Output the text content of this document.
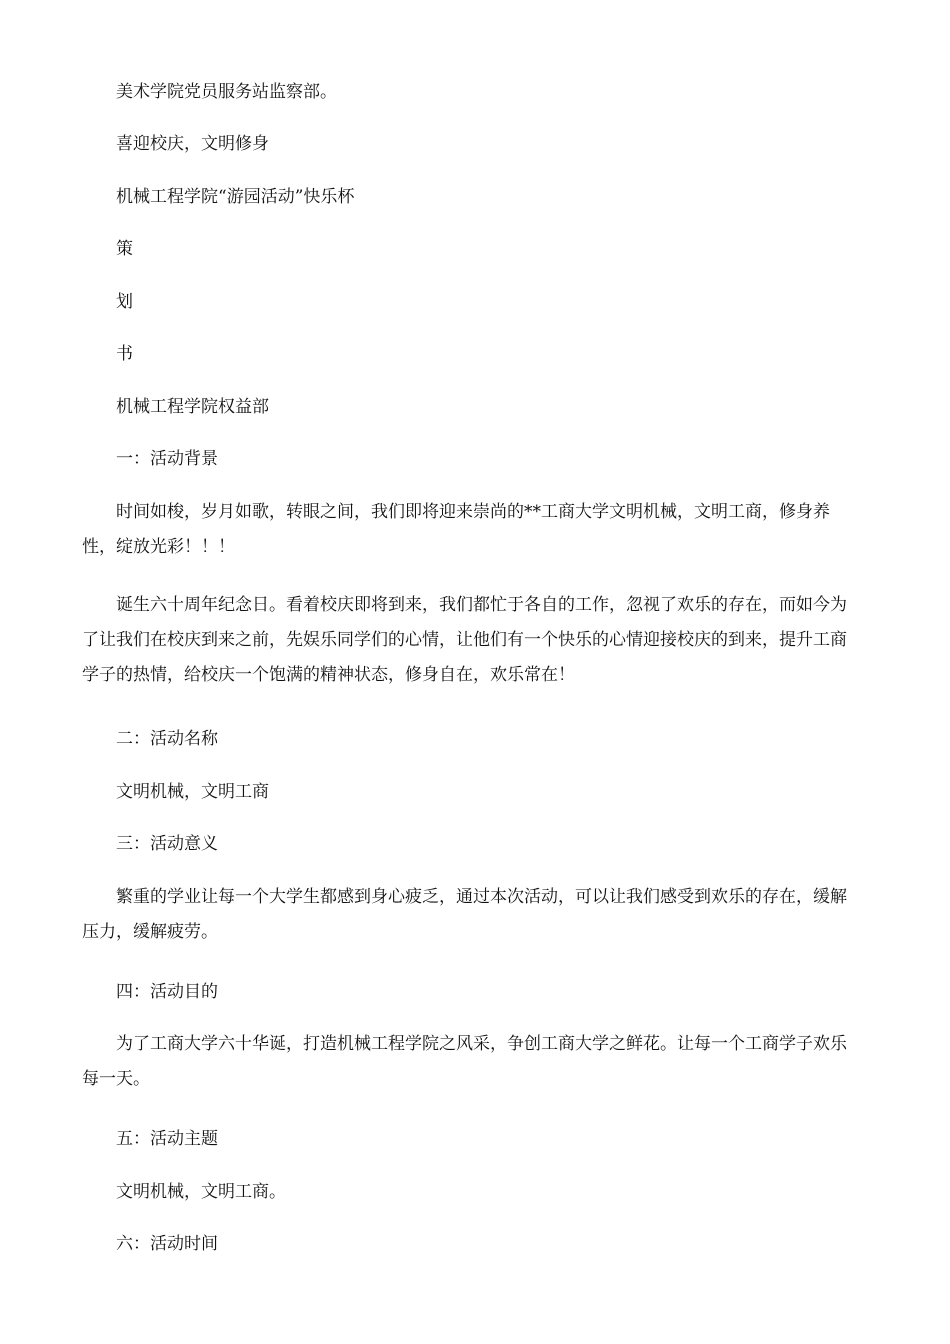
美术学院党员服务站监察部。

喜迎校庆，文明修身

机械工程学院“游园活动”快乐杯

策

划

书

机械工程学院权益部

一：活动背景

时间如梭，岁月如歌，转眼之间，我们即将迎来崇尚的**工商大学文明机械，文明工商，修身养性，绽放光彩！！！

诞生六十周年纪念日。看着校庆即将到来，我们都忙于各自的工作，忽视了欢乐的存在，而如今为了让我们在校庆到来之前，先娱乐同学们的心情，让他们有一个快乐的心情迎接校庆的到来，提升工商学子的热情，给校庆一个饱满的精神状态，修身自在，欢乐常在！

二：活动名称

文明机械，文明工商

三：活动意义

繁重的学业让每一个大学生都感到身心疲乏，通过本次活动，可以让我们感受到欢乐的存在，缓解压力，缓解疲劳。

四：活动目的

为了工商大学六十华诞，打造机械工程学院之风采，争创工商大学之鲜花。让每一个工商学子欢乐每一天。

五：活动主题

文明机械，文明工商。

六：活动时间
